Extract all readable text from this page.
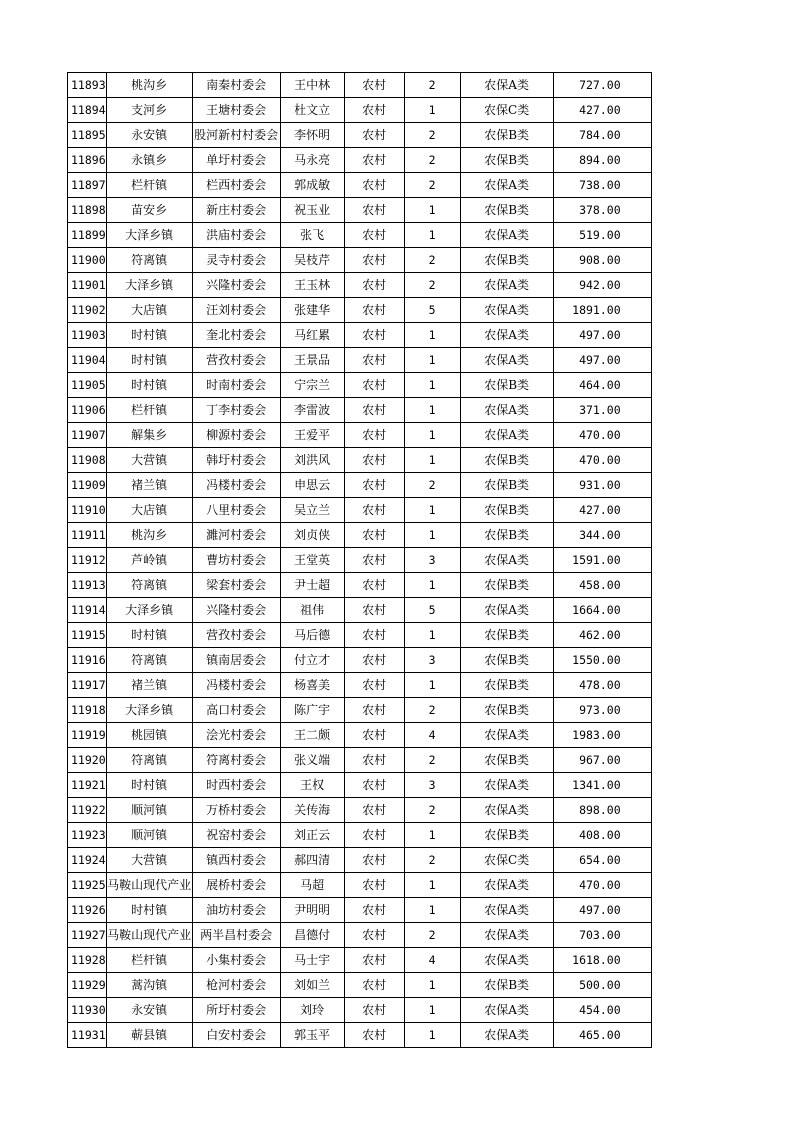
11893	桃沟乡	南秦村委会	王中林	农村	2	农保A类	727.00
11894	支河乡	王塘村委会	杜文立	农村	1	农保C类	427.00
11895	永安镇	股河新村村委会	李怀明	农村	2	农保B类	784.00
11896	永镇乡	单圩村委会	马永亮	农村	2	农保B类	894.00
11897	栏杆镇	栏西村委会	郭成敏	农村	2	农保A类	738.00
11898	苗安乡	新庄村委会	祝玉业	农村	1	农保B类	378.00
11899	大泽乡镇	洪庙村委会	张飞	农村	1	农保A类	519.00
11900	符离镇	灵寺村委会	吴枝芹	农村	2	农保B类	908.00
11901	大泽乡镇	兴隆村委会	王玉林	农村	2	农保A类	942.00
11902	大店镇	汪刘村委会	张建华	农村	5	农保A类	1891.00
11903	时村镇	奎北村委会	马红累	农村	1	农保A类	497.00
11904	时村镇	营孜村委会	王景品	农村	1	农保A类	497.00
11905	时村镇	时南村委会	宁宗兰	农村	1	农保B类	464.00
11906	栏杆镇	丁李村委会	李雷波	农村	1	农保A类	371.00
11907	解集乡	柳源村委会	王爱平	农村	1	农保A类	470.00
11908	大营镇	韩圩村委会	刘洪风	农村	1	农保B类	470.00
11909	褚兰镇	冯楼村委会	申思云	农村	2	农保B类	931.00
11910	大店镇	八里村委会	吴立兰	农村	1	农保B类	427.00
11911	桃沟乡	濉河村委会	刘贞侠	农村	1	农保B类	344.00
11912	芦岭镇	曹坊村委会	王堂英	农村	3	农保A类	1591.00
11913	符离镇	梁套村委会	尹士超	农村	1	农保B类	458.00
11914	大泽乡镇	兴隆村委会	祖伟	农村	5	农保A类	1664.00
11915	时村镇	营孜村委会	马后德	农村	1	农保B类	462.00
11916	符离镇	镇南居委会	付立才	农村	3	农保B类	1550.00
11917	褚兰镇	冯楼村委会	杨喜美	农村	1	农保B类	478.00
11918	大泽乡镇	高口村委会	陈广宇	农村	2	农保B类	973.00
11919	桃园镇	浍光村委会	王二颇	农村	4	农保A类	1983.00
11920	符离镇	符离村委会	张义端	农村	2	农保B类	967.00
11921	时村镇	时西村委会	王权	农村	3	农保A类	1341.00
11922	顺河镇	万桥村委会	关传海	农村	2	农保A类	898.00
11923	顺河镇	祝窑村委会	刘正云	农村	1	农保B类	408.00
11924	大营镇	镇西村委会	郝四清	农村	2	农保C类	654.00
11925	马鞍山现代产业	展桥村委会	马超	农村	1	农保A类	470.00
11926	时村镇	油坊村委会	尹明明	农村	1	农保A类	497.00
11927	马鞍山现代产业	两半昌村委会	昌德付	农村	2	农保A类	703.00
11928	栏杆镇	小集村委会	马士宇	农村	4	农保A类	1618.00
11929	蒿沟镇	枪河村委会	刘如兰	农村	1	农保B类	500.00
11930	永安镇	所圩村委会	刘玲	农村	1	农保A类	454.00
11931	蕲县镇	白安村委会	郭玉平	农村	1	农保A类	465.00
